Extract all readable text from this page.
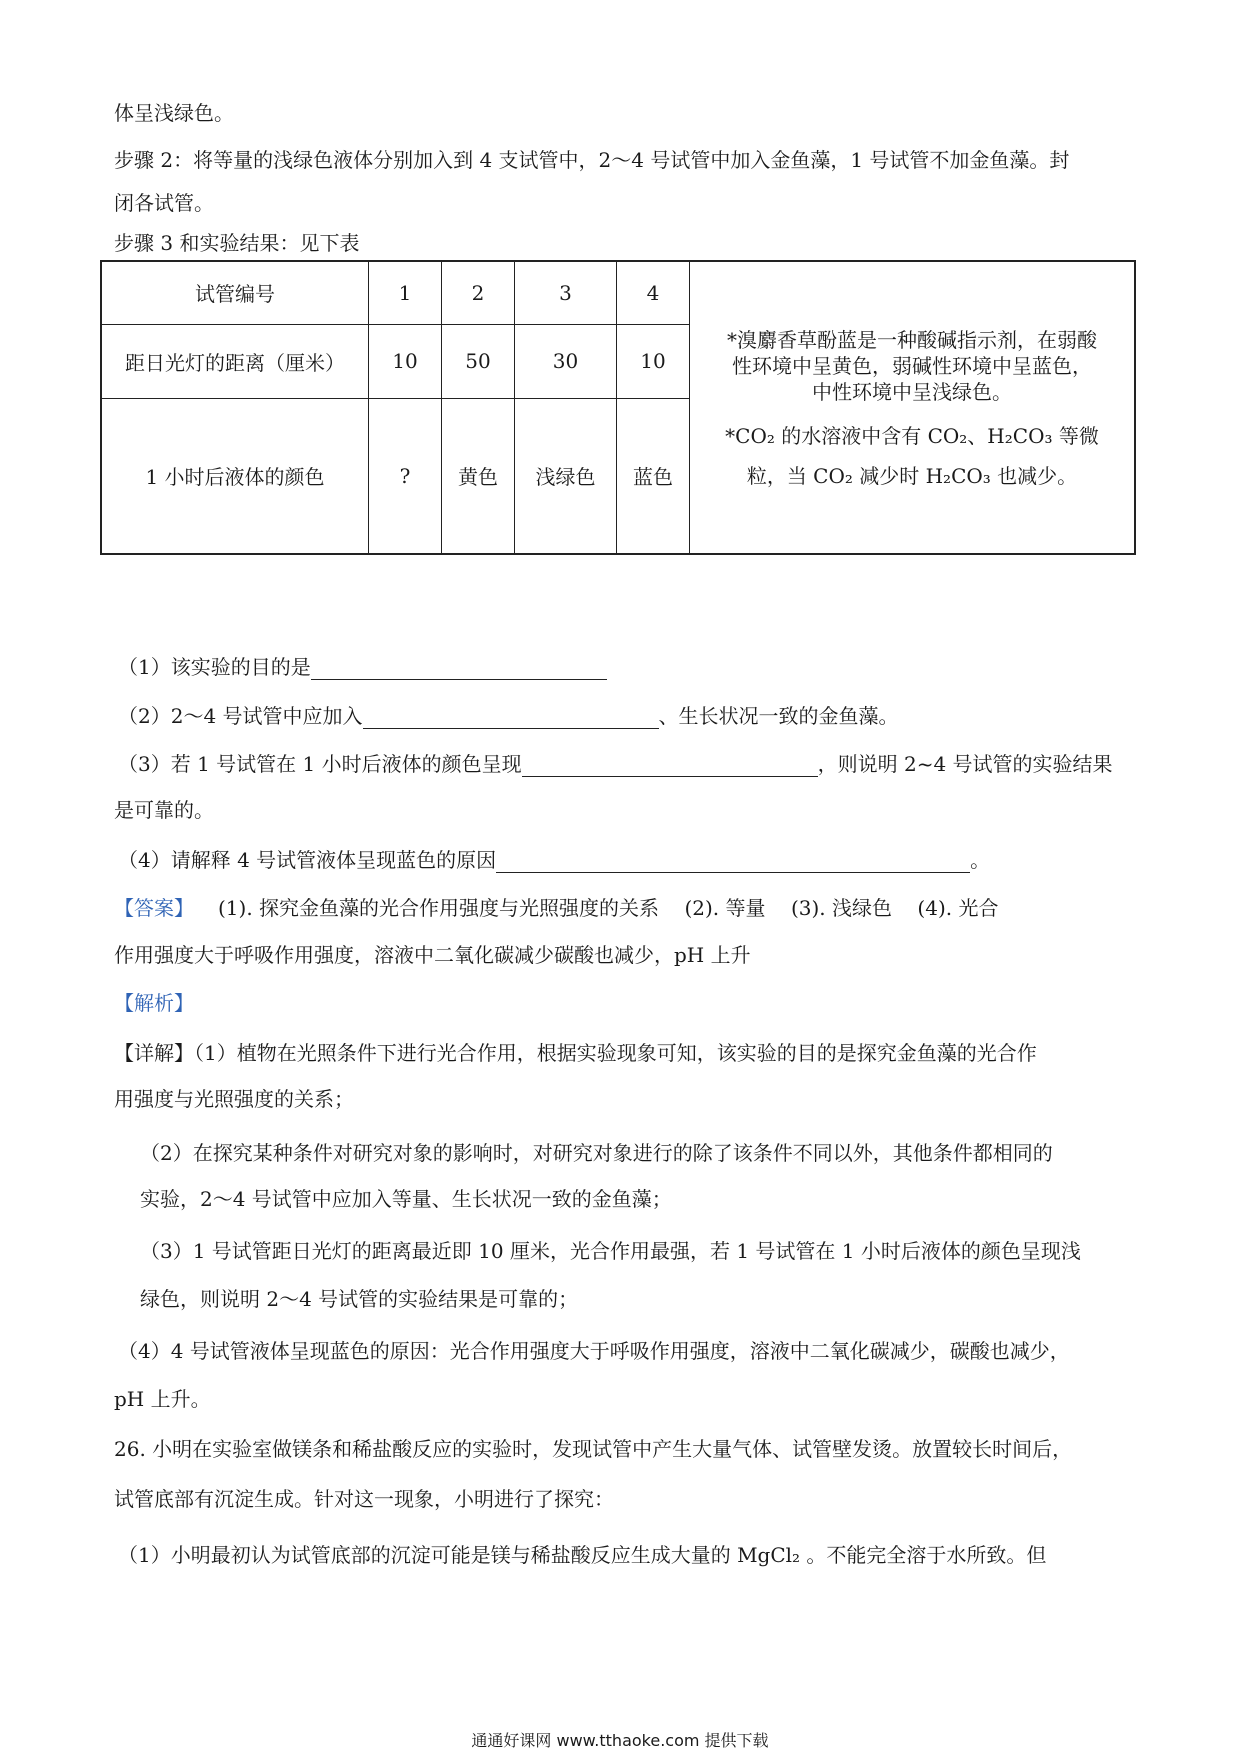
体呈浅绿色。
步骤 2：将等量的浅绿色液体分别加入到 4 支试管中，2～4 号试管中加入金鱼藻，1 号试管不加金鱼藻。封
闭各试管。
步骤 3 和实验结果：见下表
试管编号	1	2	3	4	*溴麝香草酚蓝是一种酸碱指示剂，在弱酸
性环境中呈黄色，弱碱性环境中呈蓝色，

中性环境中呈浅绿色。

*CO₂ 的水溶液中含有 CO₂、H₂CO₃ 等微

粒，当 CO₂ 减少时 H₂CO₃ 也减少。

距日光灯的距离（厘米）	10	50	30	10	
1 小时后液体的颜色	?	黄色	浅绿色	蓝色	
（1）该实验的目的是
（2）2～4 号试管中应加入	、生长状况一致的金鱼藻。
（3）若 1 号试管在 1 小时后液体的颜色呈现	，则说明 2~4 号试管的实验结果
是可靠的。
（4）请解释 4 号试管液体呈现蓝色的原因	。
【答案】 (1). 探究金鱼藻的光合作用强度与光照强度的关系    (2). 等量    (3). 浅绿色    (4). 光合
作用强度大于呼吸作用强度，溶液中二氧化碳减少碳酸也减少，pH 上升
【解析】
【详解】（1）植物在光照条件下进行光合作用，根据实验现象可知，该实验的目的是探究金鱼藻的光合作
用强度与光照强度的关系；
（2）在探究某种条件对研究对象的影响时，对研究对象进行的除了该条件不同以外，其他条件都相同的
实验，2～4 号试管中应加入等量、生长状况一致的金鱼藻；
（3）1 号试管距日光灯的距离最近即 10 厘米，光合作用最强，若 1 号试管在 1 小时后液体的颜色呈现浅
绿色，则说明 2～4 号试管的实验结果是可靠的；
（4）4 号试管液体呈现蓝色的原因：光合作用强度大于呼吸作用强度，溶液中二氧化碳减少，碳酸也减少，
pH 上升。
26. 小明在实验室做镁条和稀盐酸反应的实验时，发现试管中产生大量气体、试管壁发烫。放置较长时间后，
试管底部有沉淀生成。针对这一现象，小明进行了探究：
（1）小明最初认为试管底部的沉淀可能是镁与稀盐酸反应生成大量的 MgCl₂ 。不能完全溶于水所致。但
通通好课网 www.tthaoke.com 提供下载
